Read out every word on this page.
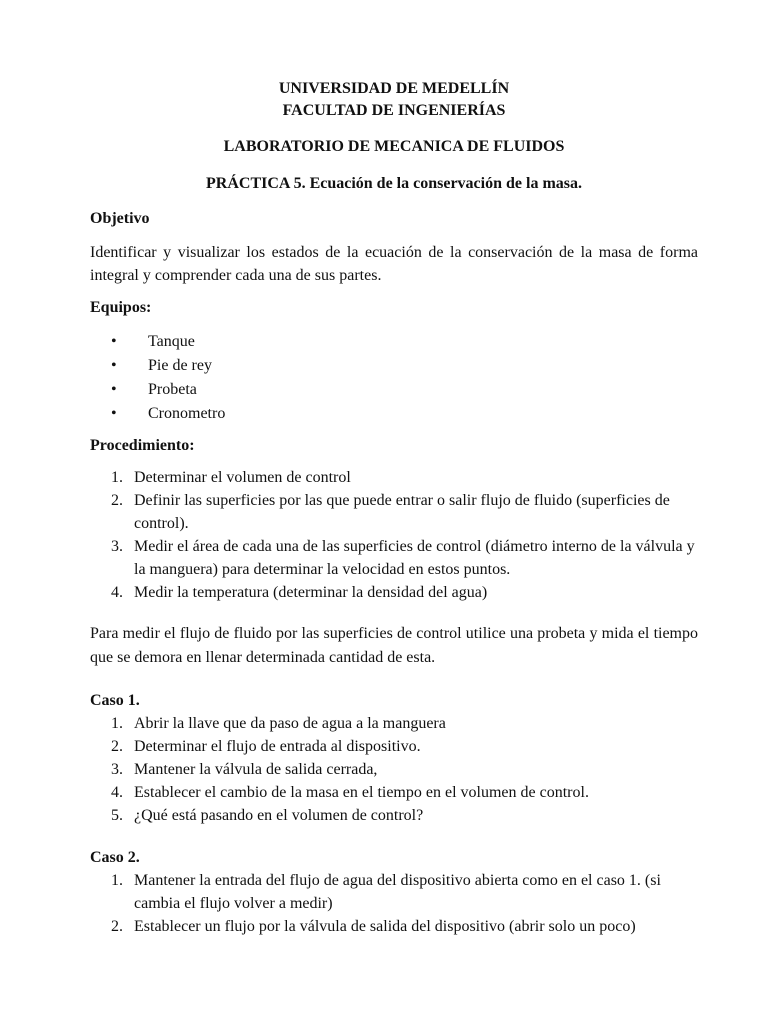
UNIVERSIDAD DE MEDELLÍN
FACULTAD DE INGENIERÍAS
LABORATORIO DE MECANICA DE FLUIDOS
PRÁCTICA 5. Ecuación de la conservación de la masa.
Objetivo
Identificar y visualizar los estados de la ecuación de la conservación de la masa de forma integral y comprender cada una de sus partes.
Equipos:
• Tanque
• Pie de rey
• Probeta
• Cronometro
Procedimiento:
1. Determinar el volumen de control
2. Definir las superficies por las que puede entrar o salir flujo de fluido (superficies de control).
3. Medir el área de cada una de las superficies de control (diámetro interno de la válvula y la manguera) para determinar la velocidad en estos puntos.
4. Medir la temperatura (determinar la densidad del agua)
Para medir el flujo de fluido por las superficies de control utilice una probeta y mida el tiempo que se demora en llenar determinada cantidad de esta.
Caso 1.
1. Abrir la llave que da paso de agua a la manguera
2. Determinar el flujo de entrada al dispositivo.
3. Mantener la válvula de salida cerrada,
4. Establecer el cambio de la masa en el tiempo en el volumen de control.
5. ¿Qué está pasando en el volumen de control?
Caso 2.
1. Mantener la entrada del flujo de agua del dispositivo abierta como en el caso 1. (si cambia el flujo volver a medir)
2. Establecer un flujo por la válvula de salida del dispositivo (abrir solo un poco)
